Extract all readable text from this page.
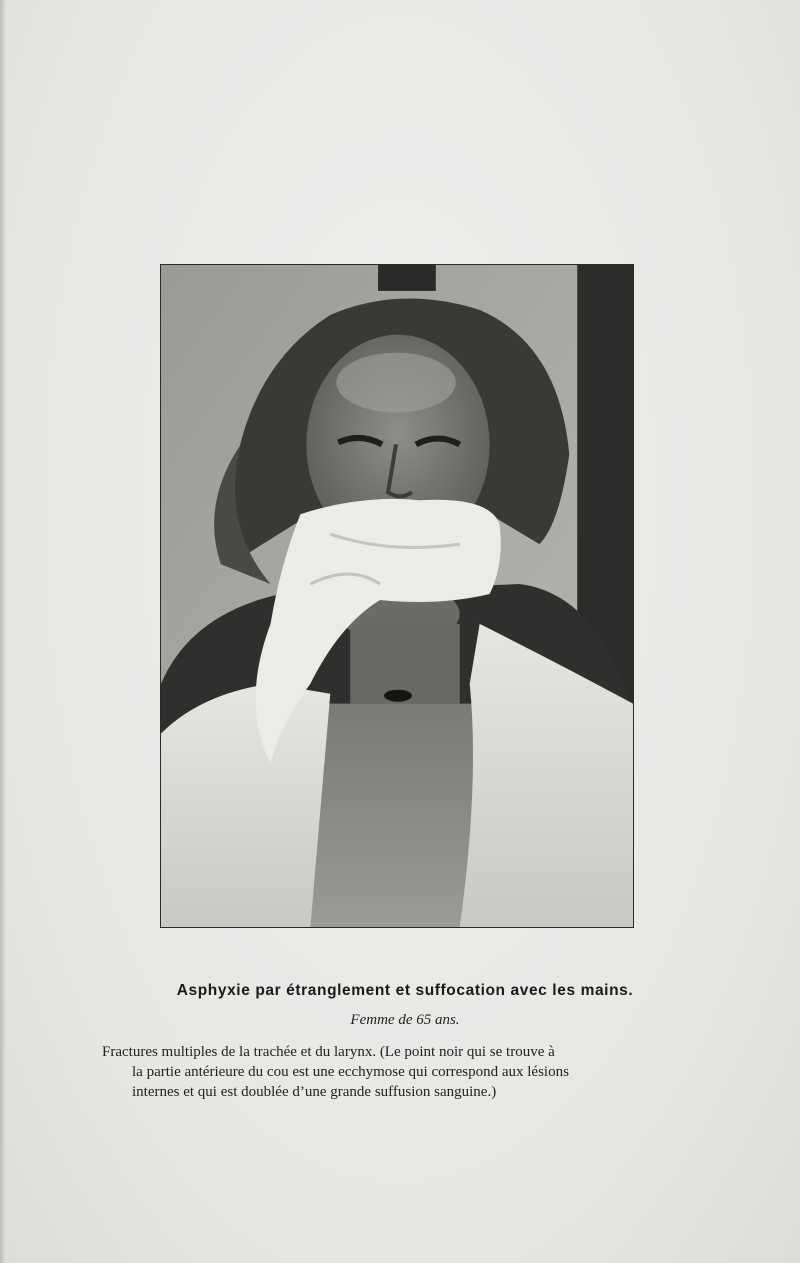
Asphyxie par étranglement et suffocation avec les mains.
Femme de 65 ans.
Fractures multiples de la trachée et du larynx. (Le point noir qui se trouve à
la partie antérieure du cou est une ecchymose qui correspond aux lésions
internes et qui est doublée d’une grande suffusion sanguine.)
